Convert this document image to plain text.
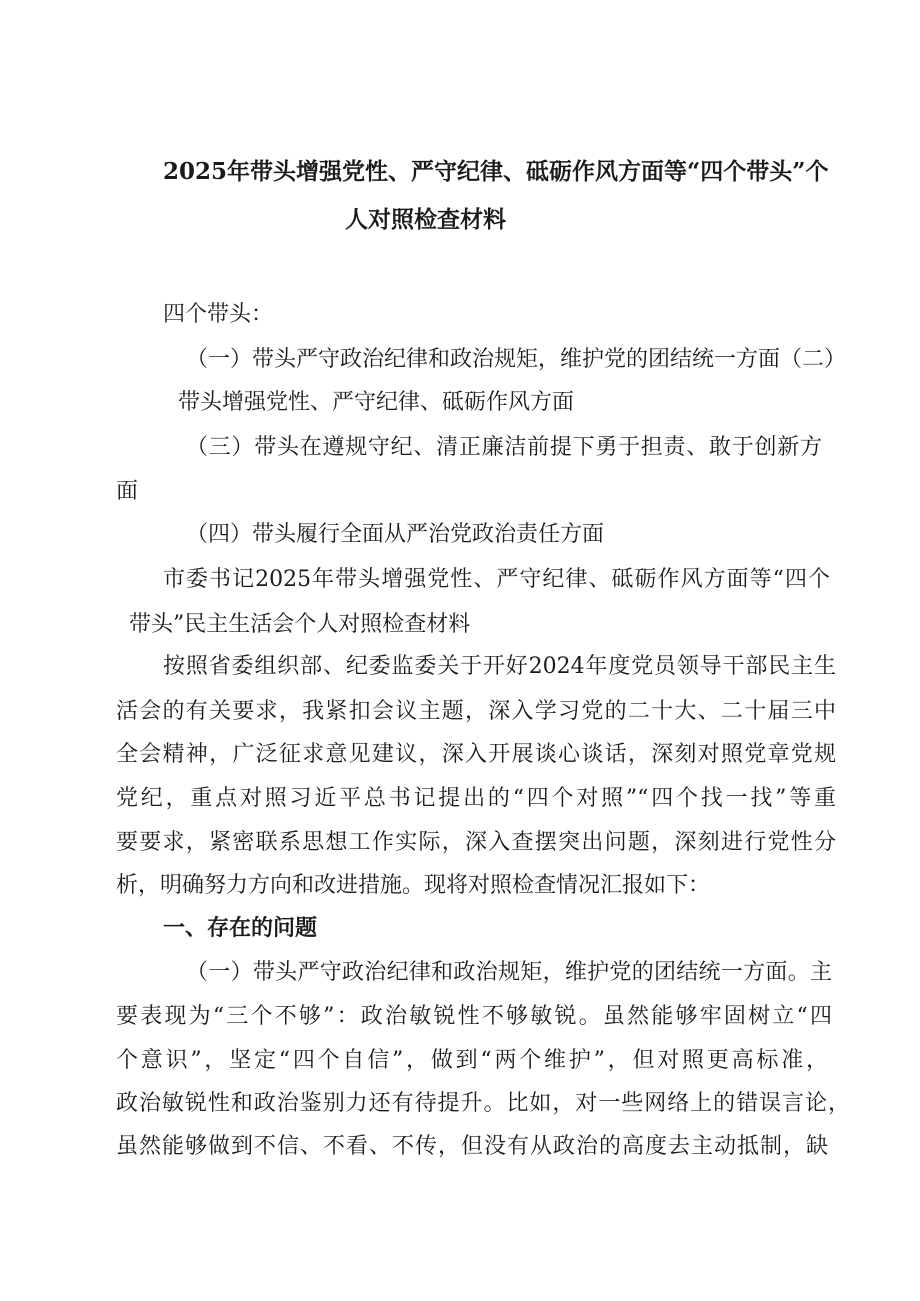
2025年带头增强党性、严守纪律、砥砺作风方面等“四个带头”个
人对照检查材料
四个带头：
（一）带头严守政治纪律和政治规矩，维护党的团结统一方面（二）
带头增强党性、严守纪律、砥砺作风方面
（三）带头在遵规守纪、清正廉洁前提下勇于担责、敢于创新方
面
（四）带头履行全面从严治党政治责任方面
市委书记2025年带头增强党性、严守纪律、砥砺作风方面等“四个
带头”民主生活会个人对照检查材料
按照省委组织部、纪委监委关于开好2024年度党员领导干部民主生
活会的有关要求，我紧扣会议主题，深入学习党的二十大、二十届三中
全会精神，广泛征求意见建议，深入开展谈心谈话，深刻对照党章党规
党纪，重点对照习近平总书记提出的“四个对照”“四个找一找”等重
要要求，紧密联系思想工作实际，深入查摆突出问题，深刻进行党性分
析，明确努力方向和改进措施。现将对照检查情况汇报如下：
一、存在的问题
（一）带头严守政治纪律和政治规矩，维护党的团结统一方面。主
要表现为“三个不够”：政治敏锐性不够敏锐。虽然能够牢固树立“四
个意识”，坚定“四个自信”，做到“两个维护”，但对照更高标准，
政治敏锐性和政治鉴别力还有待提升。比如，对一些网络上的错误言论，
虽然能够做到不信、不看、不传，但没有从政治的高度去主动抵制，缺
